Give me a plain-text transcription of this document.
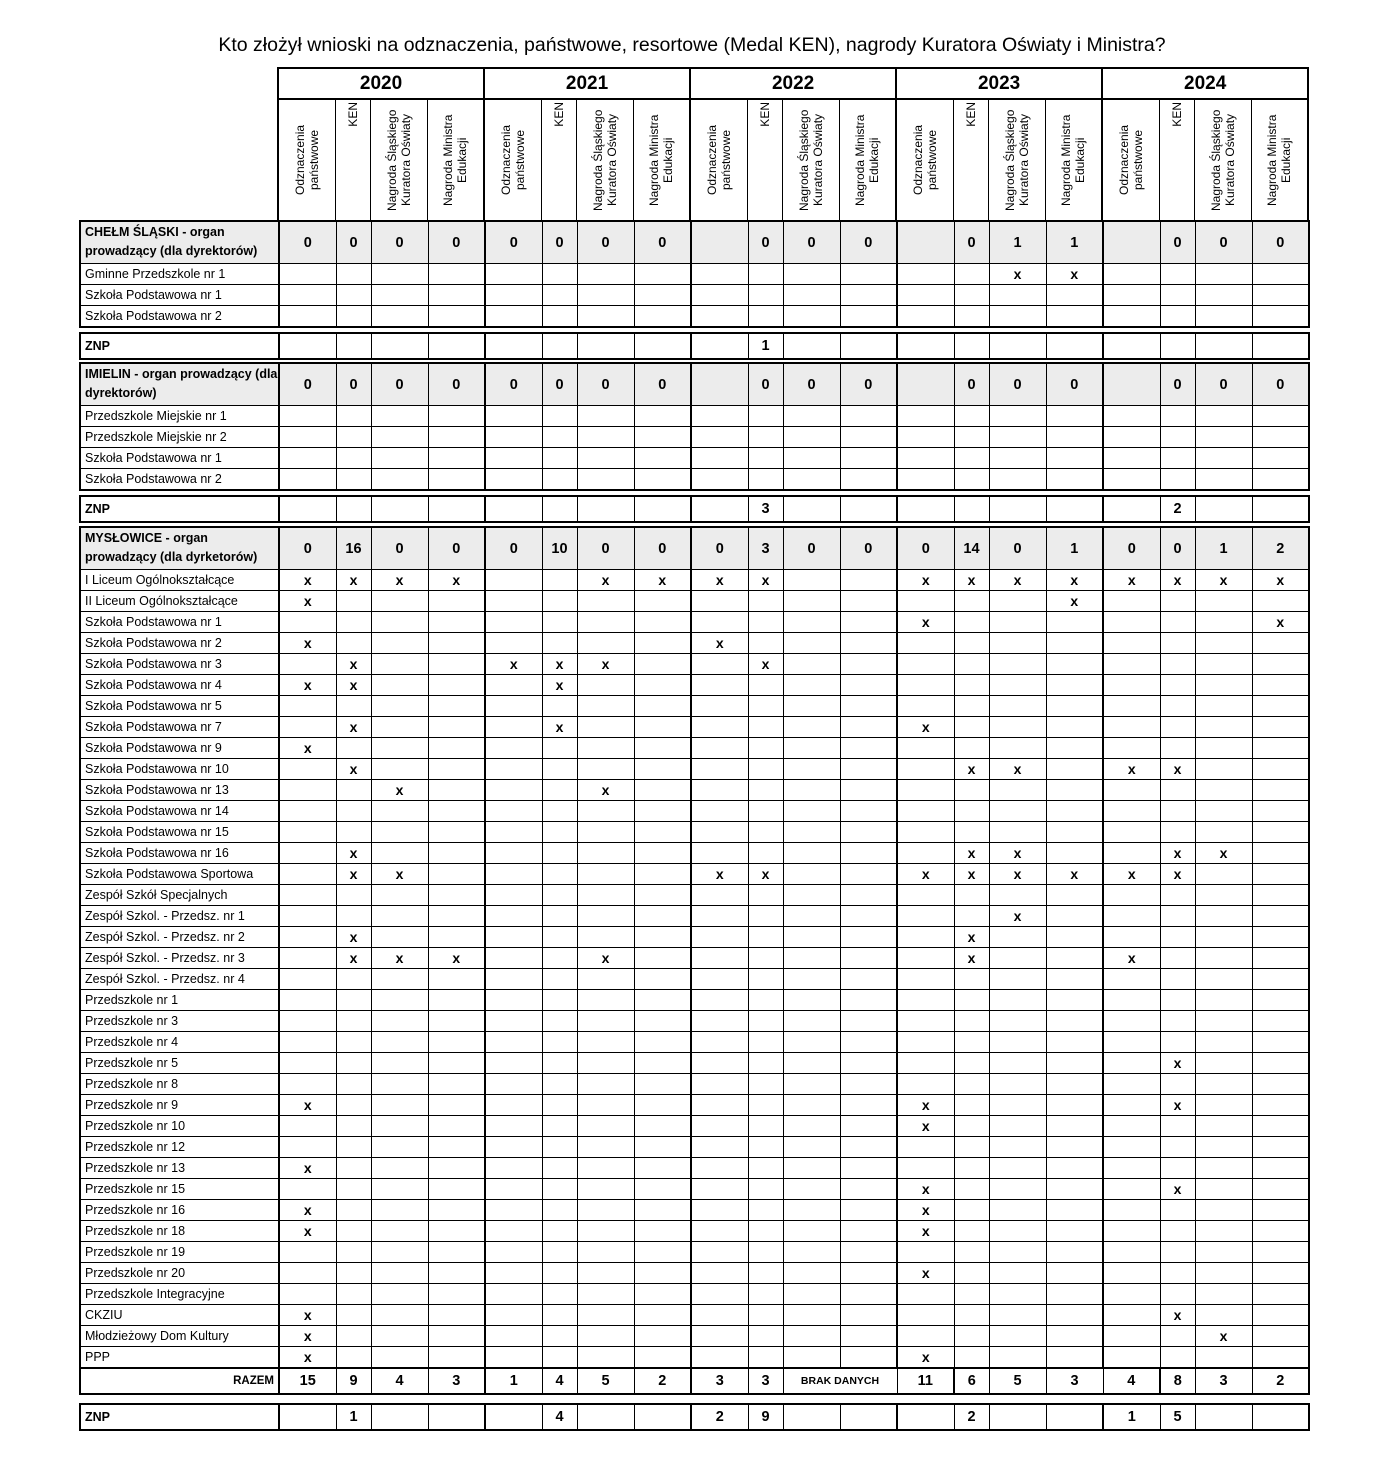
Kto złożył wnioski na odznaczenia, państwowe, resortowe (Medal KEN), nagrody Kuratora Oświaty i Ministra?
	2020				2021				2022				2023				2024			
	Odznaczenia państwowe	KEN	Nagroda Śląskiego Kuratora Oświaty	Nagroda Ministra Edukacji	Odznaczenia państwowe	KEN	Nagroda Śląskiego Kuratora Oświaty	Nagroda Ministra Edukacji	Odznaczenia państwowe	KEN	Nagroda Śląskiego Kuratora Oświaty	Nagroda Ministra Edukacji	Odznaczenia państwowe	KEN	Nagroda Śląskiego Kuratora Oświaty	Nagroda Ministra Edukacji	Odznaczenia państwowe	KEN	Nagroda Śląskiego Kuratora Oświaty	Nagroda Ministra Edukacji
CHEŁM ŚLĄSKI - organ prowadzący (dla dyrektorów)	0	0	0	0	0	0	0	0		0	0	0		0	1	1		0	0	0
Gminne Przedszkole nr 1															x	x				
Szkoła Podstawowa nr 1																				
Szkoła Podstawowa nr 2																				
ZNP										1										
IMIELIN - organ prowadzący (dla dyrektorów)	0	0	0	0	0	0	0	0		0	0	0		0	0	0		0	0	0
Przedszkole Miejskie nr 1																				
Przedszkole Miejskie nr 2																				
Szkoła Podstawowa nr 1																				
Szkoła Podstawowa nr 2																				
ZNP										3								2		
MYSŁOWICE - organ prowadzący (dla dyrketorów)	0	16	0	0	0	10	0	0	0	3	0	0	0	14	0	1	0	0	1	2
I Liceum Ogólnokształcące	x	x	x	x			x	x	x	x			x	x	x	x	x	x	x	x
II Liceum Ogólnokształcące	x															x				
Szkoła Podstawowa nr 1													x							x
Szkoła Podstawowa nr 2	x								x											
Szkoła Podstawowa nr 3		x			x	x	x			x										
Szkoła Podstawowa nr 4	x	x				x														
Szkoła Podstawowa nr 5																				
Szkoła Podstawowa nr 7		x				x							x							
Szkoła Podstawowa nr 9	x																			
Szkoła Podstawowa nr 10		x												x	x		x	x		
Szkoła Podstawowa nr 13			x				x													
Szkoła Podstawowa nr 14																				
Szkoła Podstawowa nr 15																				
Szkoła Podstawowa nr 16		x												x	x			x	x	
Szkoła Podstawowa Sportowa		x	x						x	x			x	x	x	x	x	x		
Zespół Szkół Specjalnych																				
Zespół Szkol. - Przedsz. nr 1															x					
Zespół Szkol. - Przedsz. nr 2		x												x						
Zespół Szkol. - Przedsz. nr 3		x	x	x			x							x			x			
Zespół Szkol. - Przedsz. nr 4																				
Przedszkole nr 1																				
Przedszkole nr 3																				
Przedszkole nr 4																				
Przedszkole nr 5																		x		
Przedszkole nr 8																				
Przedszkole nr 9	x												x					x		
Przedszkole nr 10													x							
Przedszkole nr 12																				
Przedszkole nr 13	x																			
Przedszkole nr 15													x					x		
Przedszkole nr 16	x												x							
Przedszkole nr 18	x												x							
Przedszkole nr 19																				
Przedszkole nr 20													x							
Przedszkole Integracyjne																				
CKZIU	x																	x		
Młodzieżowy Dom Kultury	x																		x	
PPP	x												x							
RAZEM	15	9	4	3	1	4	5	2	3	3	BRAK DANYCH		11	6	5	3	4	8	3	2
ZNP		1				4			2	9				2			1	5		
